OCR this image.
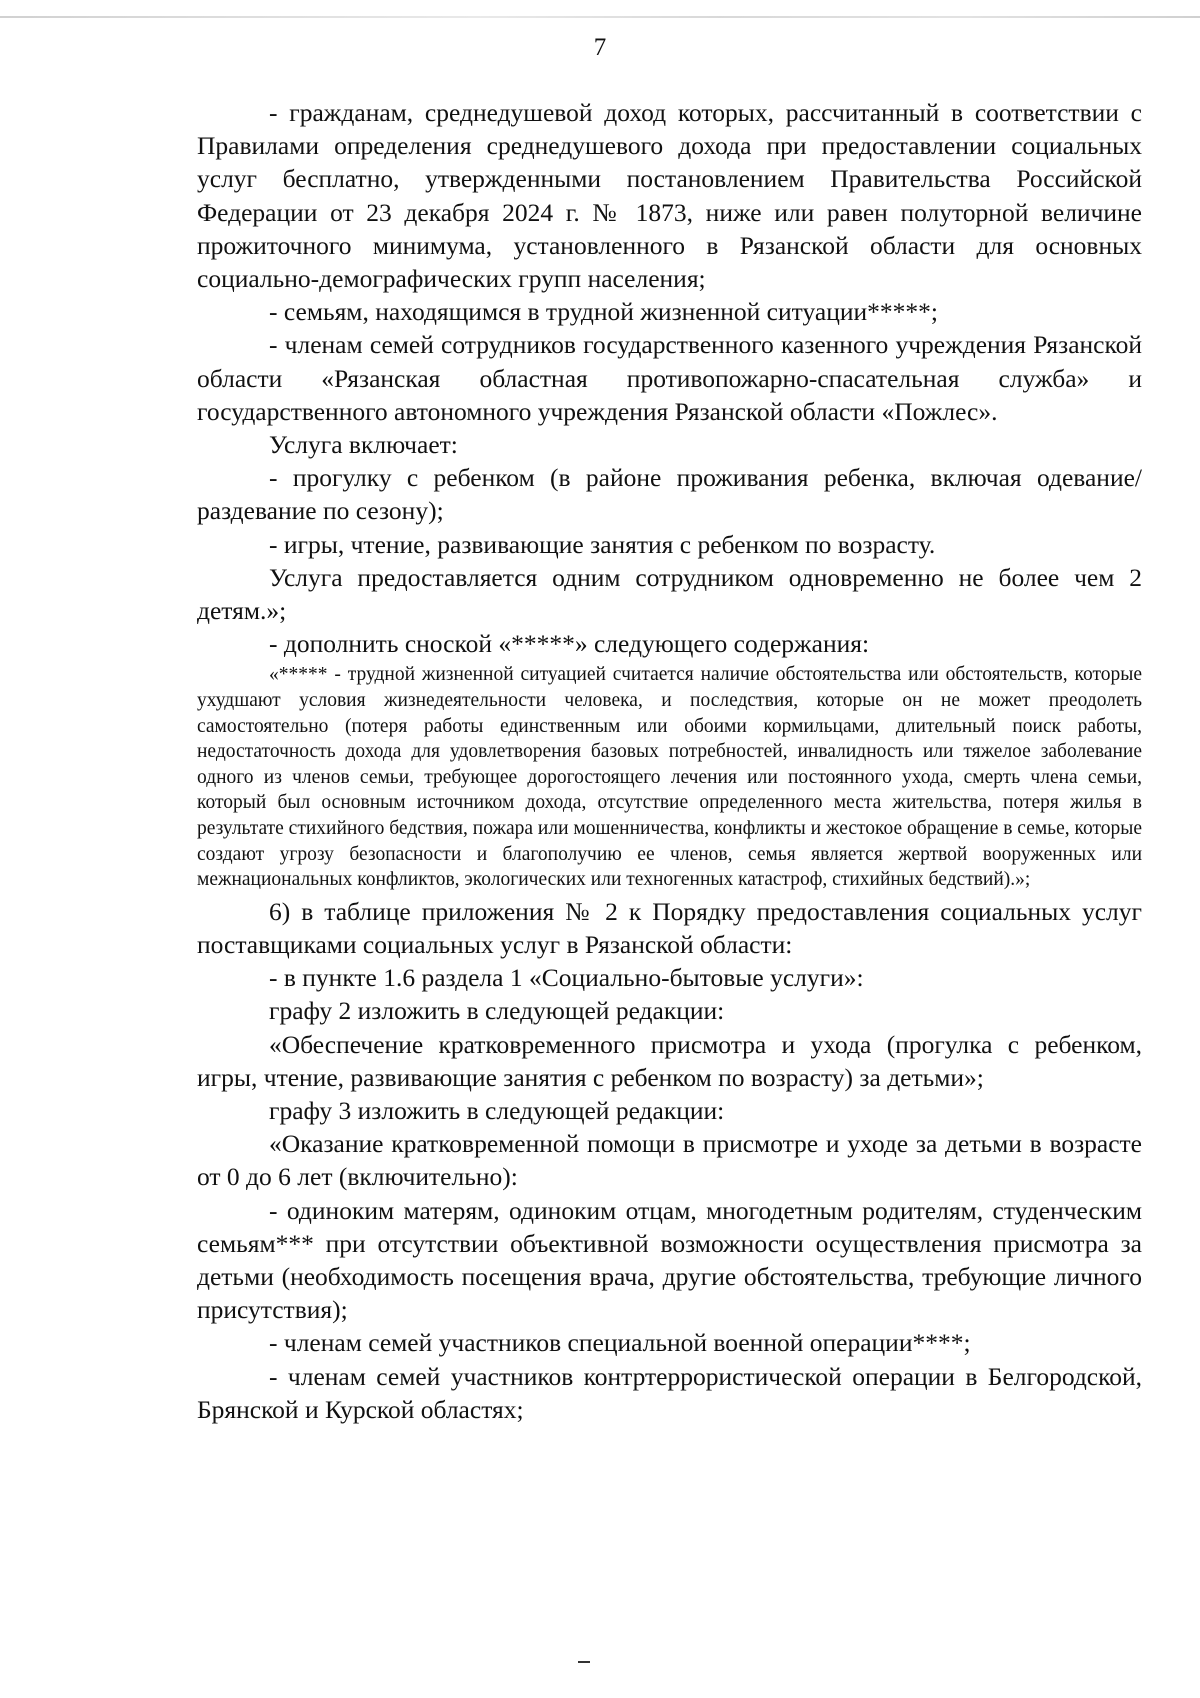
7

- гражданам, среднедушевой доход которых, рассчитанный в соответствии с Правилами определения среднедушевого дохода при предоставлении социальных услуг бесплатно, утвержденными постановлением Правительства Российской Федерации от 23 декабря 2024 г. № 1873, ниже или равен полуторной величине прожиточного минимума, установленного в Рязанской области для основных социально-демографических групп населения;

- семьям, находящимся в трудной жизненной ситуации*****;

- членам семей сотрудников государственного казенного учреждения Рязанской области «Рязанская областная противопожарно-спасательная служба» и государственного автономного учреждения Рязанской области «Пожлес».

Услуга включает:

- прогулку с ребенком (в районе проживания ребенка, включая одевание/раздевание по сезону);

- игры, чтение, развивающие занятия с ребенком по возрасту.

Услуга предоставляется одним сотрудником одновременно не более чем 2 детям.»;

- дополнить сноской «*****» следующего содержания:

«***** - трудной жизненной ситуацией считается наличие обстоятельства или обстоятельств, которые ухудшают условия жизнедеятельности человека, и последствия, которые он не может преодолеть самостоятельно (потеря работы единственным или обоими кормильцами, длительный поиск работы, недостаточность дохода для удовлетворения базовых потребностей, инвалидность или тяжелое заболевание одного из членов семьи, требующее дорогостоящего лечения или постоянного ухода, смерть члена семьи, который был основным источником дохода, отсутствие определенного места жительства, потеря жилья в результате стихийного бедствия, пожара или мошенничества, конфликты и жестокое обращение в семье, которые создают угрозу безопасности и благополучию ее членов, семья является жертвой вооруженных или межнациональных конфликтов, экологических или техногенных катастроф, стихийных бедствий).»;

6) в таблице приложения № 2 к Порядку предоставления социальных услуг поставщиками социальных услуг в Рязанской области:

- в пункте 1.6 раздела 1 «Социально-бытовые услуги»:

графу 2 изложить в следующей редакции:

«Обеспечение кратковременного присмотра и ухода (прогулка с ребенком, игры, чтение, развивающие занятия с ребенком по возрасту) за детьми»;

графу 3 изложить в следующей редакции:

«Оказание кратковременной помощи в присмотре и уходе за детьми в возрасте от 0 до 6 лет (включительно):

- одиноким матерям, одиноким отцам, многодетным родителям, студенческим семьям*** при отсутствии объективной возможности осуществления присмотра за детьми (необходимость посещения врача, другие обстоятельства, требующие личного присутствия);

- членам семей участников специальной военной операции****;

- членам семей участников контртеррористической операции в Белгородской, Брянской и Курской областях;
